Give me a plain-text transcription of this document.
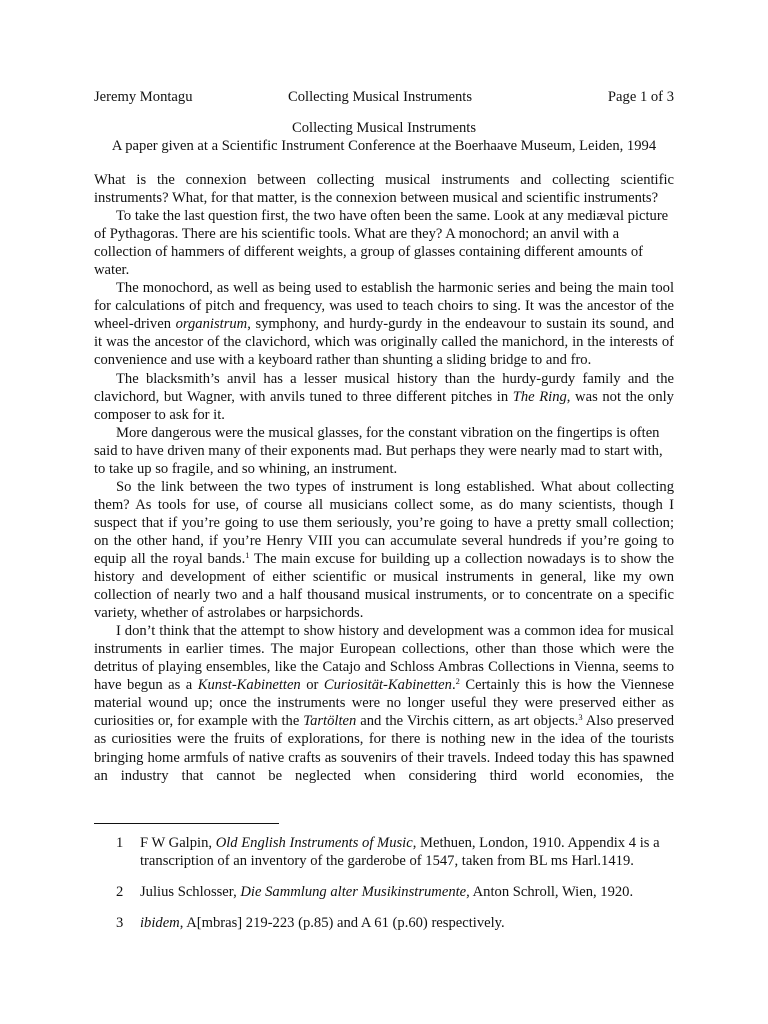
Jeremy Montagu	Collecting Musical Instruments	Page 1 of 3
Collecting Musical Instruments
A paper given at a Scientific Instrument Conference at the Boerhaave Museum, Leiden, 1994

What is the connexion between collecting musical instruments and collecting scientific instruments? What, for that matter, is the connexion between musical and scientific instruments?

To take the last question first, the two have often been the same. Look at any mediæval picture of Pythagoras. There are his scientific tools. What are they? A monochord; an anvil with a collection of hammers of different weights, a group of glasses containing different amounts of water.

The monochord, as well as being used to establish the harmonic series and being the main tool for calculations of pitch and frequency, was used to teach choirs to sing. It was the ancestor of the wheel-driven organistrum, symphony, and hurdy-gurdy in the endeavour to sustain its sound, and it was the ancestor of the clavichord, which was originally called the manichord, in the interests of convenience and use with a keyboard rather than shunting a sliding bridge to and fro.

The blacksmith’s anvil has a lesser musical history than the hurdy-gurdy family and the clavichord, but Wagner, with anvils tuned to three different pitches in The Ring, was not the only composer to ask for it.

More dangerous were the musical glasses, for the constant vibration on the fingertips is often said to have driven many of their exponents mad. But perhaps they were nearly mad to start with, to take up so fragile, and so whining, an instrument.

So the link between the two types of instrument is long established. What about collecting them? As tools for use, of course all musicians collect some, as do many scientists, though I suspect that if you’re going to use them seriously, you’re going to have a pretty small collection; on the other hand, if you’re Henry VIII you can accumulate several hundreds if you’re going to equip all the royal bands.$^1$ The main excuse for building up a collection nowadays is to show the history and development of either scientific or musical instruments in general, like my own collection of nearly two and a half thousand musical instruments, or to concentrate on a specific variety, whether of astrolabes or harpsichords.

I don’t think that the attempt to show history and development was a common idea for musical instruments in earlier times. The major European collections, other than those which were the detritus of playing ensembles, like the Catajo and Schloss Ambras Collections in Vienna, seems to have begun as a Kunst-Kabinetten or Curiosität-Kabinetten.$^2$ Certainly this is how the Viennese material wound up; once the instruments were no longer useful they were preserved either as curiosities or, for example with the Tartölten and the Virchis cittern, as art objects.$^3$ Also preserved as curiosities were the fruits of explorations, for there is nothing new in the idea of the tourists bringing home armfuls of native crafts as souvenirs of their travels. Indeed today this has spawned an industry that cannot be neglected when considering third world economies, the

1 F W Galpin, Old English Instruments of Music, Methuen, London, 1910. Appendix 4 is a transcription of an inventory of the garderobe of 1547, taken from BL ms Harl.1419.
2 Julius Schlosser, Die Sammlung alter Musikinstrumente, Anton Schroll, Wien, 1920.
3 ibidem, A[mbras] 219-223 (p.85) and A 61 (p.60) respectively.
